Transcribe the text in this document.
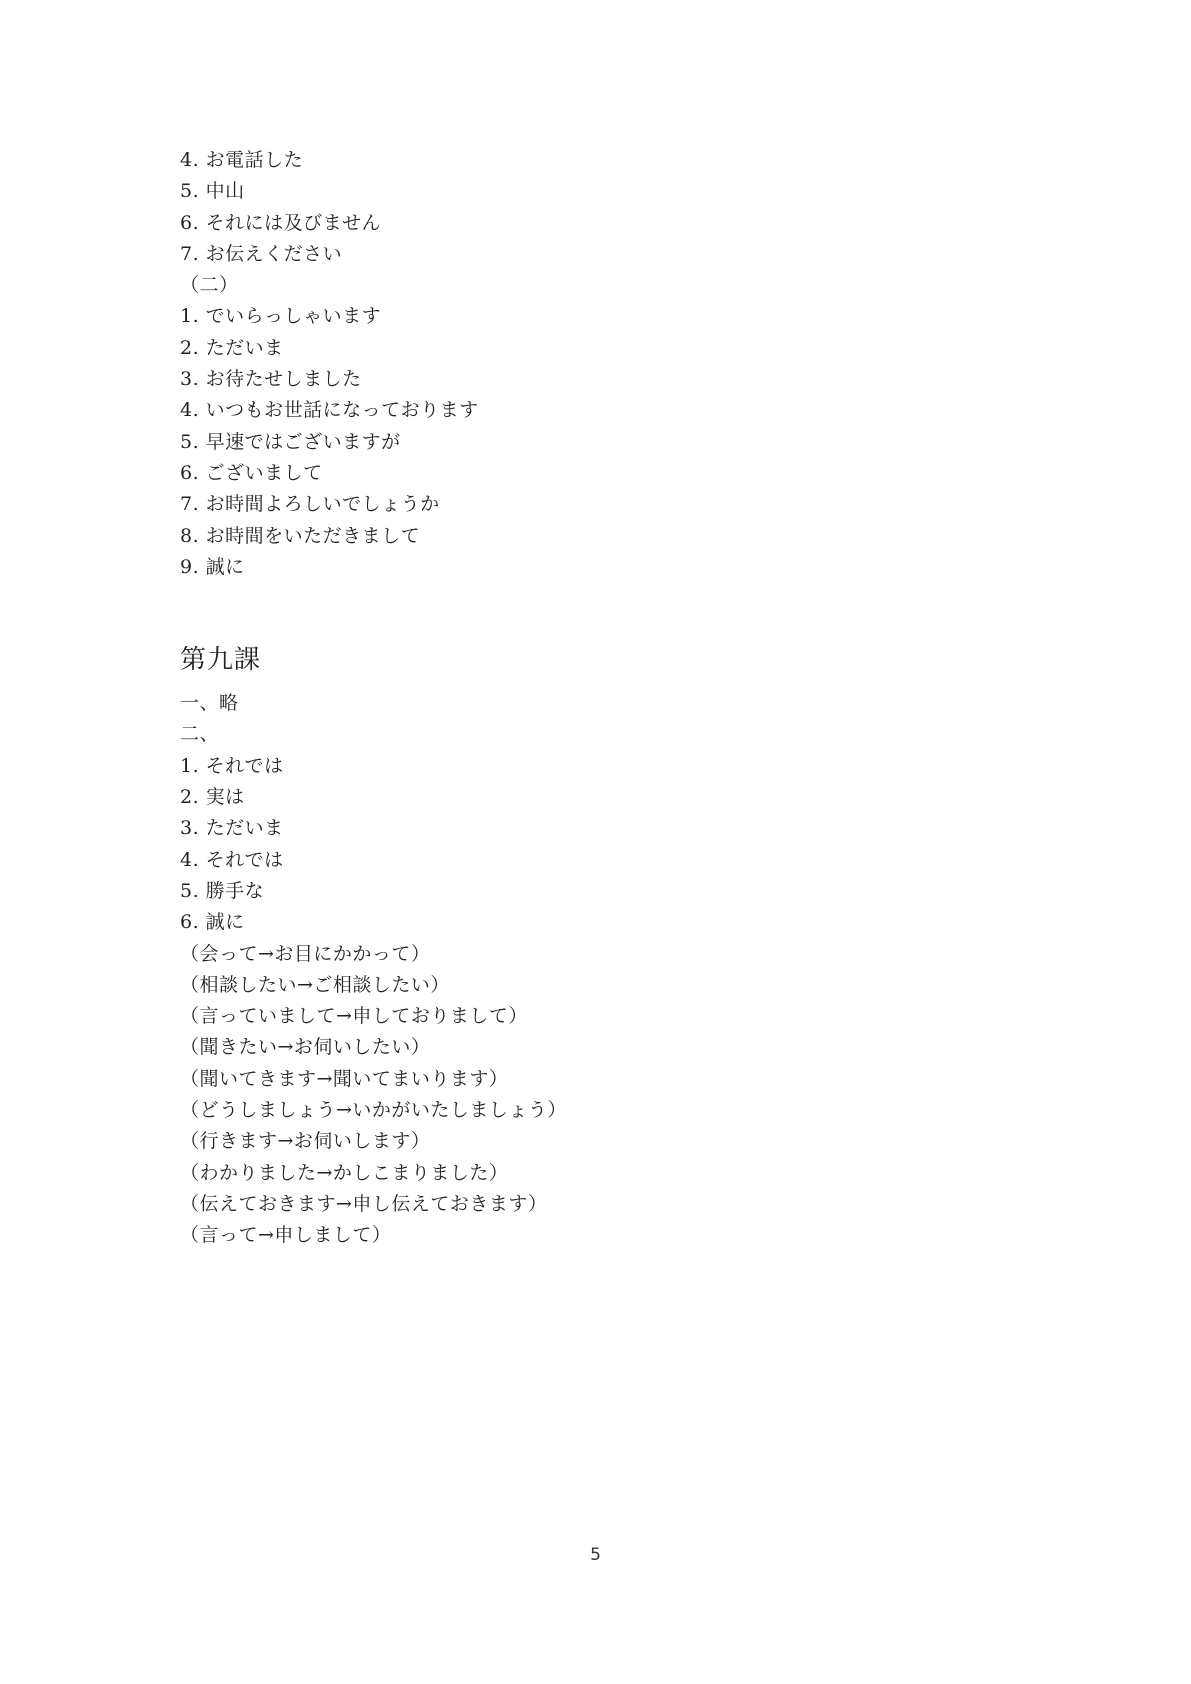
4. お電話した
5. 中山
6. それには及びません
7. お伝えください
（二）
1. でいらっしゃいます
2. ただいま
3. お待たせしました
4. いつもお世話になっております
5. 早速ではございますが
6. ございまして
7. お時間よろしいでしょうか
8. お時間をいただきまして
9. 誠に
第九課
一、略
二、
1. それでは
2. 実は
3. ただいま
4. それでは
5. 勝手な
6. 誠に
（会って→お目にかかって）
（相談したい→ご相談したい）
（言っていまして→申しておりまして）
（聞きたい→お伺いしたい）
（聞いてきます→聞いてまいります）
（どうしましょう→いかがいたしましょう）
（行きます→お伺いします）
（わかりました→かしこまりました）
（伝えておきます→申し伝えておきます）
（言って→申しまして）
5
